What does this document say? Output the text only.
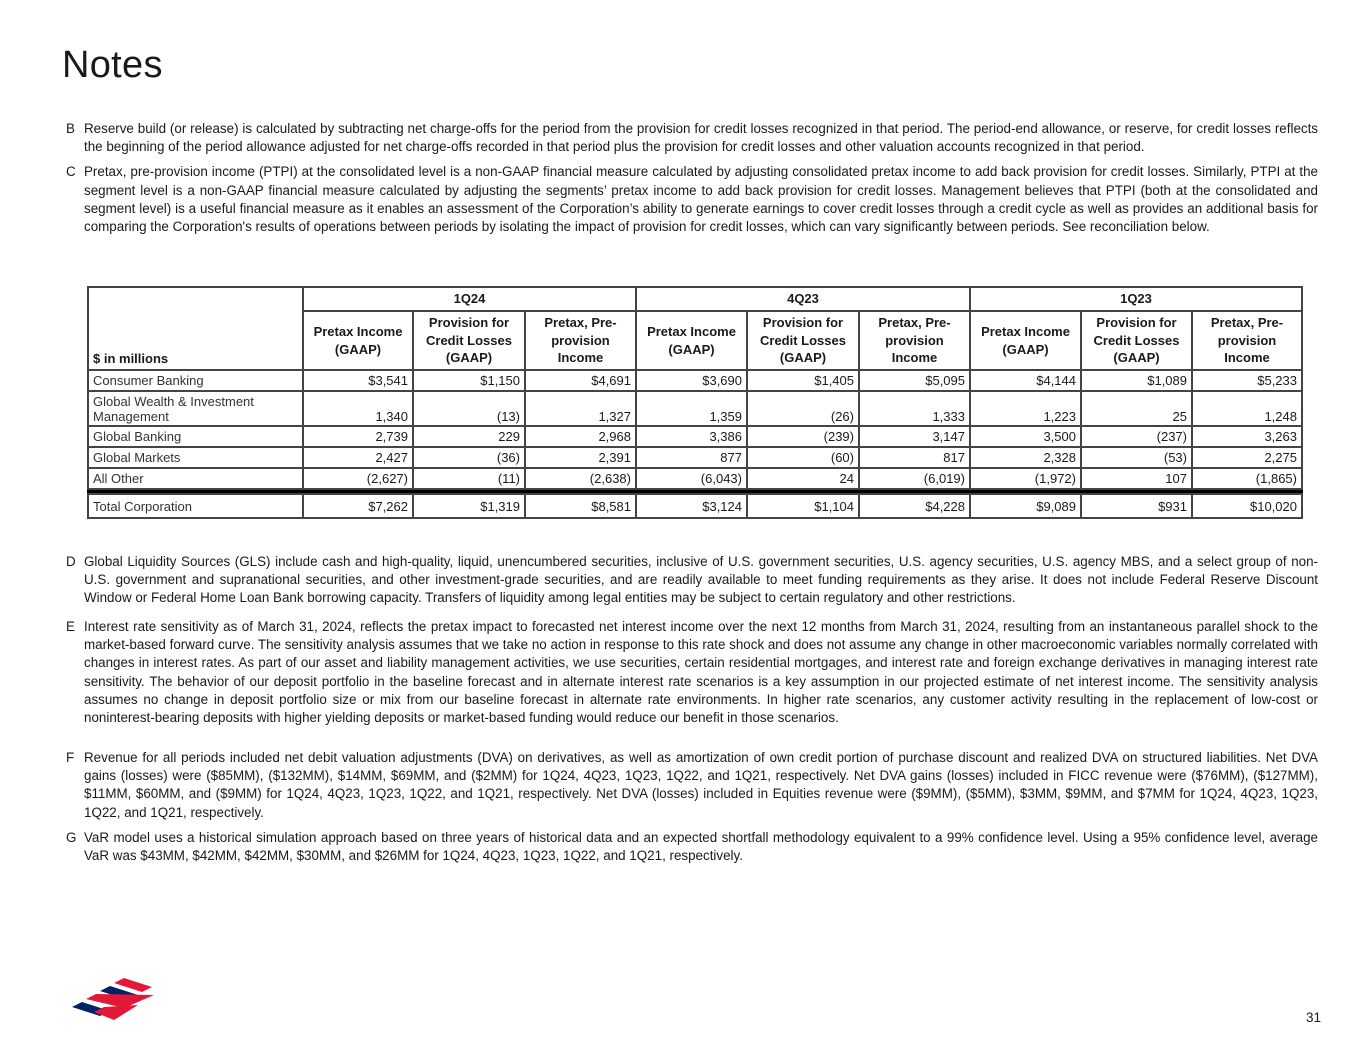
Notes
B Reserve build (or release) is calculated by subtracting net charge-offs for the period from the provision for credit losses recognized in that period. The period-end allowance, or reserve, for credit losses reflects the beginning of the period allowance adjusted for net charge-offs recorded in that period plus the provision for credit losses and other valuation accounts recognized in that period.
C Pretax, pre-provision income (PTPI) at the consolidated level is a non-GAAP financial measure calculated by adjusting consolidated pretax income to add back provision for credit losses. Similarly, PTPI at the segment level is a non-GAAP financial measure calculated by adjusting the segments’ pretax income to add back provision for credit losses. Management believes that PTPI (both at the consolidated and segment level) is a useful financial measure as it enables an assessment of the Corporation’s ability to generate earnings to cover credit losses through a credit cycle as well as provides an additional basis for comparing the Corporation's results of operations between periods by isolating the impact of provision for credit losses, which can vary significantly between periods. See reconciliation below.
$ in millions	1Q24			4Q23			1Q23		
	Pretax Income (GAAP)	Provision for Credit Losses (GAAP)	Pretax, Pre-provision Income	Pretax Income (GAAP)	Provision for Credit Losses (GAAP)	Pretax, Pre-provision Income	Pretax Income (GAAP)	Provision for Credit Losses (GAAP)	Pretax, Pre-provision Income
Consumer Banking	$3,541	$1,150	$4,691	$3,690	$1,405	$5,095	$4,144	$1,089	$5,233
Global Wealth & Investment Management	1,340	(13)	1,327	1,359	(26)	1,333	1,223	25	1,248
Global Banking	2,739	229	2,968	3,386	(239)	3,147	3,500	(237)	3,263
Global Markets	2,427	(36)	2,391	877	(60)	817	2,328	(53)	2,275
All Other	(2,627)	(11)	(2,638)	(6,043)	24	(6,019)	(1,972)	107	(1,865)

Total Corporation	$7,262	$1,319	$8,581	$3,124	$1,104	$4,228	$9,089	$931	$10,020
D Global Liquidity Sources (GLS) include cash and high-quality, liquid, unencumbered securities, inclusive of U.S. government securities, U.S. agency securities, U.S. agency MBS, and a select group of non-U.S. government and supranational securities, and other investment-grade securities, and are readily available to meet funding requirements as they arise. It does not include Federal Reserve Discount Window or Federal Home Loan Bank borrowing capacity. Transfers of liquidity among legal entities may be subject to certain regulatory and other restrictions.
E Interest rate sensitivity as of March 31, 2024, reflects the pretax impact to forecasted net interest income over the next 12 months from March 31, 2024, resulting from an instantaneous parallel shock to the market-based forward curve. The sensitivity analysis assumes that we take no action in response to this rate shock and does not assume any change in other macroeconomic variables normally correlated with changes in interest rates. As part of our asset and liability management activities, we use securities, certain residential mortgages, and interest rate and foreign exchange derivatives in managing interest rate sensitivity. The behavior of our deposit portfolio in the baseline forecast and in alternate interest rate scenarios is a key assumption in our projected estimate of net interest income. The sensitivity analysis assumes no change in deposit portfolio size or mix from our baseline forecast in alternate rate environments. In higher rate scenarios, any customer activity resulting in the replacement of low-cost or noninterest-bearing deposits with higher yielding deposits or market-based funding would reduce our benefit in those scenarios.
F Revenue for all periods included net debit valuation adjustments (DVA) on derivatives, as well as amortization of own credit portion of purchase discount and realized DVA on structured liabilities. Net DVA gains (losses) were ($85MM), ($132MM), $14MM, $69MM, and ($2MM) for 1Q24, 4Q23, 1Q23, 1Q22, and 1Q21, respectively. Net DVA gains (losses) included in FICC revenue were ($76MM), ($127MM), $11MM, $60MM, and ($9MM) for 1Q24, 4Q23, 1Q23, 1Q22, and 1Q21, respectively. Net DVA (losses) included in Equities revenue were ($9MM), ($5MM), $3MM, $9MM, and $7MM for 1Q24, 4Q23, 1Q23, 1Q22, and 1Q21, respectively.
G VaR model uses a historical simulation approach based on three years of historical data and an expected shortfall methodology equivalent to a 99% confidence level. Using a 95% confidence level, average VaR was $43MM, $42MM, $42MM, $30MM, and $26MM for 1Q24, 4Q23, 1Q23, 1Q22, and 1Q21, respectively.
31
